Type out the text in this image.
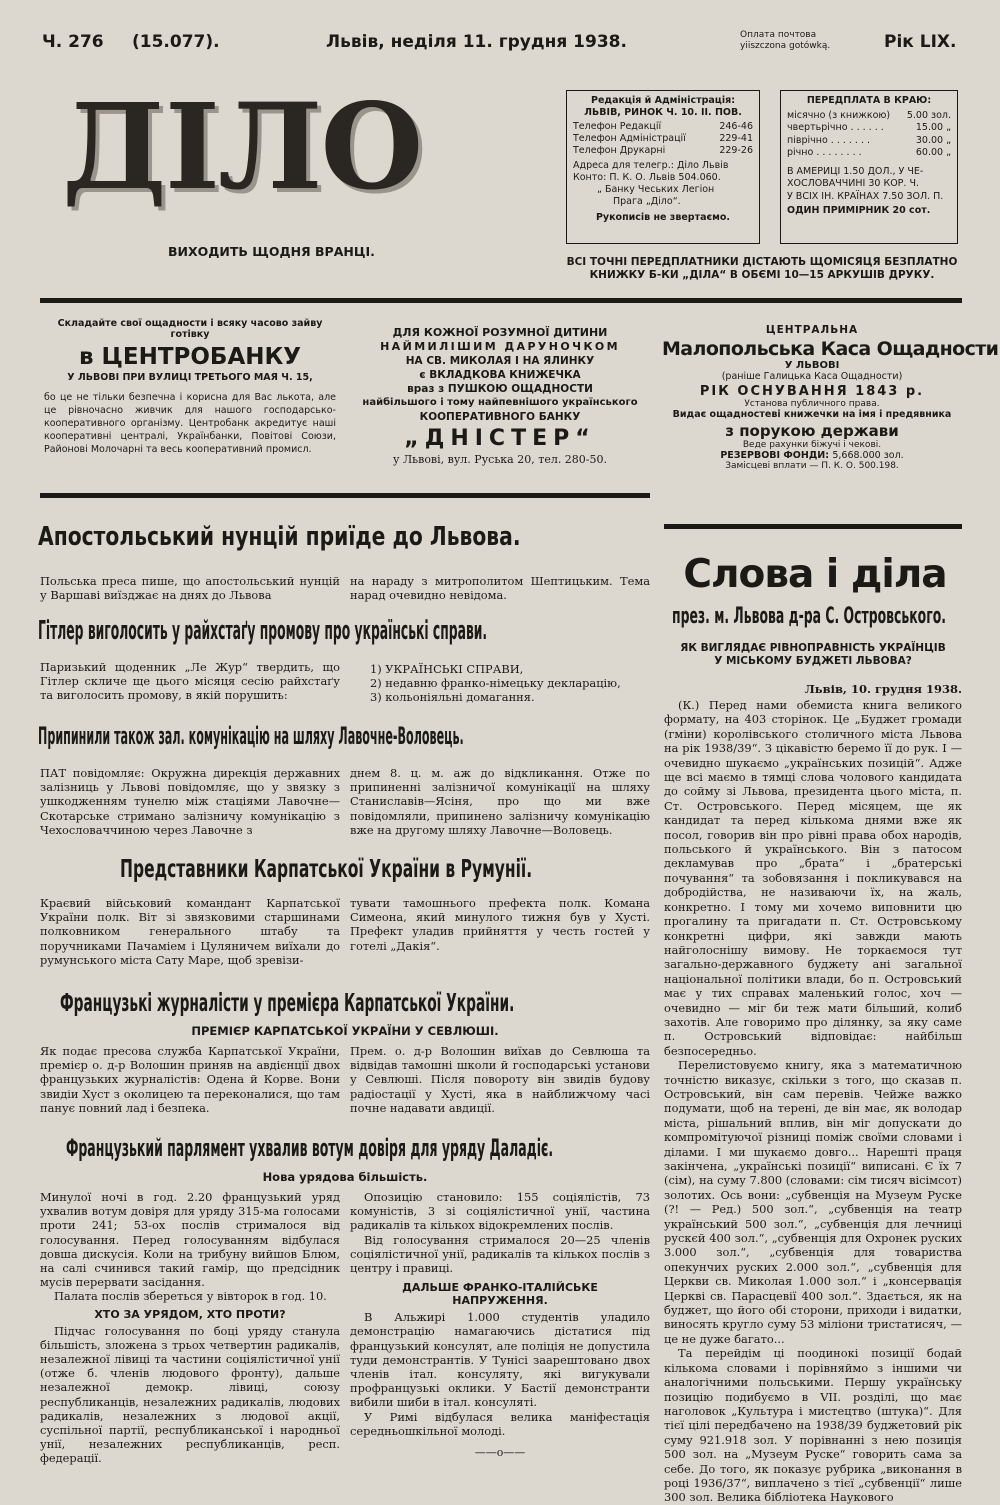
Ч. 276 (15.077).	Львів, неділя 11. грудня 1938.	Оплата почтова
уiiszczona gotówką.	Рік LIX.
ДІЛО
ВИХОДИТЬ ЩОДНЯ ВРАНЦІ.
Редакція й Адміністрація:
ЛЬВІВ, РИНОК Ч. 10. II. ПОВ.
Телефон Редакції	246-46
Телефон Адміністрації	229-41
Телефон Друкарні	229-26
Адреса для телегр.: Діло Львів
Конто: П. К. О. Львів 504.060.
„ Банку Чеських Легіон
Прага „Діло“.
Рукописів не звертаємо.
ПЕРЕДПЛАТА В КРАЮ:
місячно (з книжкою) 5.00 зол.
чвертьрічно . . . . . .	15.00 „
піврічно . . . . . . .	30.00 „
річно . . . . . . . .	60.00 „
В АМЕРИЦІ 1.50 ДОЛ., У ЧЕ-
ХОСЛОВАЧЧИНІ 30 КОР. Ч.
У ВСІХ ІН. КРАЇНАХ 7.50 ЗОЛ. П.
ОДИН ПРИМІРНИК 20 сот.
ВСІ ТОЧНІ ПЕРЕДПЛАТНИКИ ДІСТАЮТЬ ЩОМІСЯЦЯ БЕЗПЛАТНО
КНИЖКУ Б-КИ „ДІЛА“ В ОБЄМІ 10—15 АРКУШІВ ДРУКУ.
Складайте свої ощадности і всяку часово зайву готівку
в ЦЕНТРОБАНКУ
У ЛЬВОВІ ПРИ ВУЛИЦІ ТРЕТЬОГО МАЯ Ч. 15,
бо це не тільки безпечна і корисна для Вас лькота, але це рівночасно живчик для нашого господарсько-кооперативного організму. Центробанк акредитує наші кооперативні централі, Українбанки, Повітові Союзи, Районові Молочарні та весь кооперативний промисл.
ДЛЯ КОЖНОЇ РОЗУМНОЇ ДИТИНИ
НАЙМИЛІШИМ ДАРУНОЧКОМ
НА СВ. МИКОЛАЯ І НА ЯЛИНКУ
є ВКЛАДКОВА КНИЖЕЧКА
враз з ПУШКОЮ ОЩАДНОСТИ
найбільшого і тому найпевнішого українського
КООПЕРАТИВНОГО БАНКУ
„ДНІСТЕР“
у Львові, вул. Руська 20, тел. 280-50.
ЦЕНТРАЛЬНА
Малопольська Каса Ощадности
У ЛЬВОВІ
(раніше Галицька Каса Ощадности)
РІК ОСНУВАННЯ 1843 р.
Установа публичного права.
Видає ощадностеві книжечки на імя і предявника
з порукою держави
Веде рахунки біжучі і чекові.
РЕЗЕРВОВІ ФОНДИ: 5,668.000 зол.
Замісцеві вплати — П. К. О. 500.198.
Апостольський нунцій приїде до Львова.
Польська преса пише, що апостольський нунцій у Варшаві виїзджає на днях до Львова
на нараду з митрополитом Шептицьким. Тема нарад очевидно невідома.
Гітлер виголосить у райхстаґу промову про українські справи.
Паризький щоденник „Ле Жур“ твердить, що Гітлер скличе ще цього місяця сесію райхстаґу та виголосить промову, в якій порушить:
1) УКРАЇНСЬКІ СПРАВИ,
2) недавню франко-німецьку декларацію,
3) кольоніяльні домагання.
Припинили також зал. комунікацію на шляху Лавочне-Воловець.
ПАТ повідомляє: Окружна дирекція державних залізниць у Львові повідомляє, що у звязку з ушкодженням тунелю між стаціями Лавочне—Скотарське стримано залізничу комунікацію з Чехословаччиною через Лавочне з
днем 8. ц. м. аж до відкликання. Отже по припиненні залізничої комунікації на шляху Станиславів—Ясіня, про що ми вже повідомляли, припинено залізничу комунікацію вже на другому шляху Лавочне—Воловець.
Представники Карпатської України в Румунії.
Краєвий військовий командант Карпатської України полк. Віт зі звязковими старшинами полковником генерального штабу та поручниками Пачаміем і Цуляничем виїхали до румунського міста Сату Маре, щоб зревізи-
тувати тамошнього префекта полк. Комана Симеона, який минулого тижня був у Хусті. Префект уладив прийняття у честь гостей у готелі „Дакія“.
Французькі журналісти у премієра Карпатської України.
ПРЕМІЄР КАРПАТСЬКОЇ УКРАЇНИ У СЕВЛЮШІ.
Як подає пресова служба Карпатської України, премієр о. д-р Волошин приняв на авдієнції двох французьких журналістів: Одена й Корве. Вони звидіи Хуст з околицею та переконалися, що там панує повний лад і безпека.
Прем. о. д-р Волошин виїхав до Севлюша та відвідав тамошні школи й господарські установи у Севлюші. Після повороту він звидів будову радіостації у Хусті, яка в найближчому часі почне надавати авдиції.
Французький парлямент ухвалив вотум довіря для уряду Даладіє.
Нова урядова більшість.
Минулої ночі в год. 2.20 французький уряд ухвалив вотум довіря для уряду 315-ма голосами проти 241; 53-ох послів стрималося від голосування. Перед голосуванням відбулася довша дискусія. Коли на трибуну вийшов Блюм, на салі счинився такий гамір, що предсідник мусів перервати засідання.
Палата послів збереться у вівторок в год. 10.
ХТО ЗА УРЯДОМ, ХТО ПРОТИ?
Підчас голосування по боці уряду станула більшість, зложена з трьох четвертин радикалів, незалежної лівиці та частини соціялістичної унії (отже б. членів людового фронту), дальше незалежної демокр. лівиці, союзу республиканців, незалежних радикалів, людових радикалів, незалежних з людової акції, суспільної партії, республиканської і народньої унії, незалежних республиканців, респ. федерації.
Опозицію становило: 155 соціялістів, 73 комуністів, 3 зі соціялістичної унії, частина радикалів та кількох відокремлених послів.
Від голосування стрималося 20—25 членів соціялістичної унії, радикалів та кількох послів з центру і правиці.
ДАЛЬШЕ ФРАНКО-ІТАЛІЙСЬКЕ НАПРУЖЕННЯ.
В Альжирі 1.000 студентів уладило демонстрацію намагаючись дістатися під французький консулят, але поліція не допустила туди демонстрантів. У Тунісі заарештовано двох членів італ. консуляту, які вигукували профранцузькі оклики. У Бастії демонстранти вибили шиби в італ. консуляті.
У Римі відбулася велика маніфестація середньошкільної молоді.
——о——
Слова і діла
през. м. Львова д-ра С. Островського.
ЯК ВИГЛЯДАЄ РІВНОПРАВНІСТЬ УКРАЇНЦІВ
У МІСЬКОМУ БУДЖЕТІ ЛЬВОВА?
Львів, 10. грудня 1938.
(К.) Перед нами обемиста книга великого формату, на 403 сторінок. Це „Буджет громади (гміни) королівського столичного міста Львова на рік 1938/39“. З цікавістю беремо її до рук. І — очевидно шукаємо „українських позицій“. Адже ще всі маємо в тямці слова чолового кандидата до сойму зі Львова, президента цього міста, п. Ст. Островського. Перед місяцем, ще як кандидат та перед кількома днями вже як посол, говорив він про рівні права обох народів, польського й українського. Він з патосом декламував про „брата“ і „братерські почування“ та зобовязання і покликувався на добродійства, не називаючи їх, на жаль, конкретно. І тому ми хочемо виповнити цю прогалину та пригадати п. Ст. Островському конкретні цифри, які завжди мають найголоснішу вимову. Не торкаємося тут загально-державного буджету ані загальної національної політики влади, бо п. Островський має у тих справах маленький голос, хоч — очевидно — міг би теж мати більший, колиб захотів. Але говоримо про ділянку, за яку саме п. Островський відповідає: найбільш безпосередньо.
Перелистовуємо книгу, яка з математичною точністю виказує, скільки з того, що сказав п. Островський, він сам перевів. Чейже важко подумати, щоб на терені, де він має, як володар міста, рішальний вплив, він міг допускати до компромітуючої різниці поміж своїми словами і ділами. І ми шукаємо довго... Нарешті праця закінчена, „українські позиції“ виписані. Є їх 7 (сім), на суму 7.800 (словами: сім тисяч вісімсот) золотих. Ось вони: „субвенція на Музеум Руске (?! — Ред.) 500 зол.“, „субвенція на театр український 500 зол.“, „субвенція для лечниці рускєй 400 зол.“, „субвенція для Охронек руских 3.000 зол.“, „субвенція для товариства опекунчих руских 2.000 зол.“, „субвенція для Церкви св. Миколая 1.000 зол.“ і „консервація Церкві св. Парасцевії 400 зол.“. Здається, як на буджет, що його обі сторони, приходи і видатки, виносять кругло суму 53 міліони тристатисяч, — це не дуже багато...
Та перейдім ці поодинокі позиції бодай кількома словами і порівняймо з іншими чи аналогічними польськими. Першу українську позицію подибуємо в VII. розділі, що має наголовок „Культура і мистецтво (штука)“. Для тієї цілі передбачено на 1938/39 буджетовий рік суму 921.918 зол. У порівнанні з нею позиція 500 зол. на „Музеум Руске“ говорить сама за себе. До того, як показує рубрика „виконання в році 1936/37“, виплачено з тієї „субвенції“ лише 300 зол. Велика бібліотека Наукового
